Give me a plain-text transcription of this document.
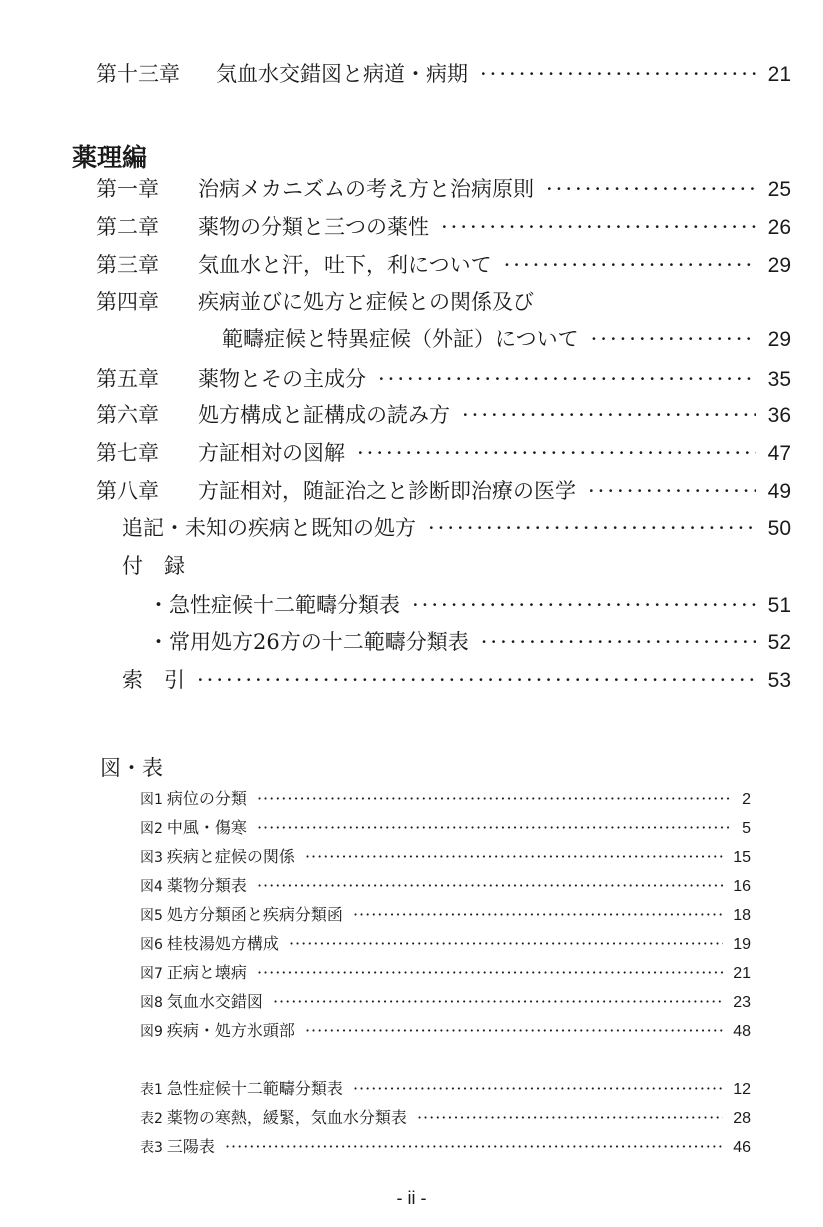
第十三章	気血水交錯図と病道・病期 ·····	21
薬理編
第一章	治病メカニズムの考え方と治病原則 ·····	25
第二章	薬物の分類と三つの薬性 ·····	26
第三章	気血水と汗，吐下，利について ·····	29
第四章	疾病並びに処方と症候との関係及び
範疇症候と特異症候（外証）について ·····	29
第五章	薬物とその主成分 ·····	35
第六章	処方構成と証構成の読み方 ·····	36
第七章	方証相対の図解 ·····	47
第八章	方証相対，随証治之と診断即治療の医学 ·····	49
追記・未知の疾病と既知の処方 ·····	50
付　録
・急性症候十二範疇分類表 ·····	51
・常用処方26方の十二範疇分類表 ·····	52
索　引 ·····	53
図・表
図1 病位の分類 ·····	2
図2 中風・傷寒 ·····	5
図3 疾病と症候の関係 ·····	15
図4 薬物分類表 ·····	16
図5 処方分類函と疾病分類函 ·····	18
図6 桂枝湯処方構成 ·····	19
図7 正病と壊病 ·····	21
図8 気血水交錯図 ·····	23
図9 疾病・処方氷頭部 ·····	48
表1 急性症候十二範疇分類表 ·····	12
表2 薬物の寒熱，緩緊，気血水分類表 ·····	28
表3 三陽表 ·····	46
- ii -
